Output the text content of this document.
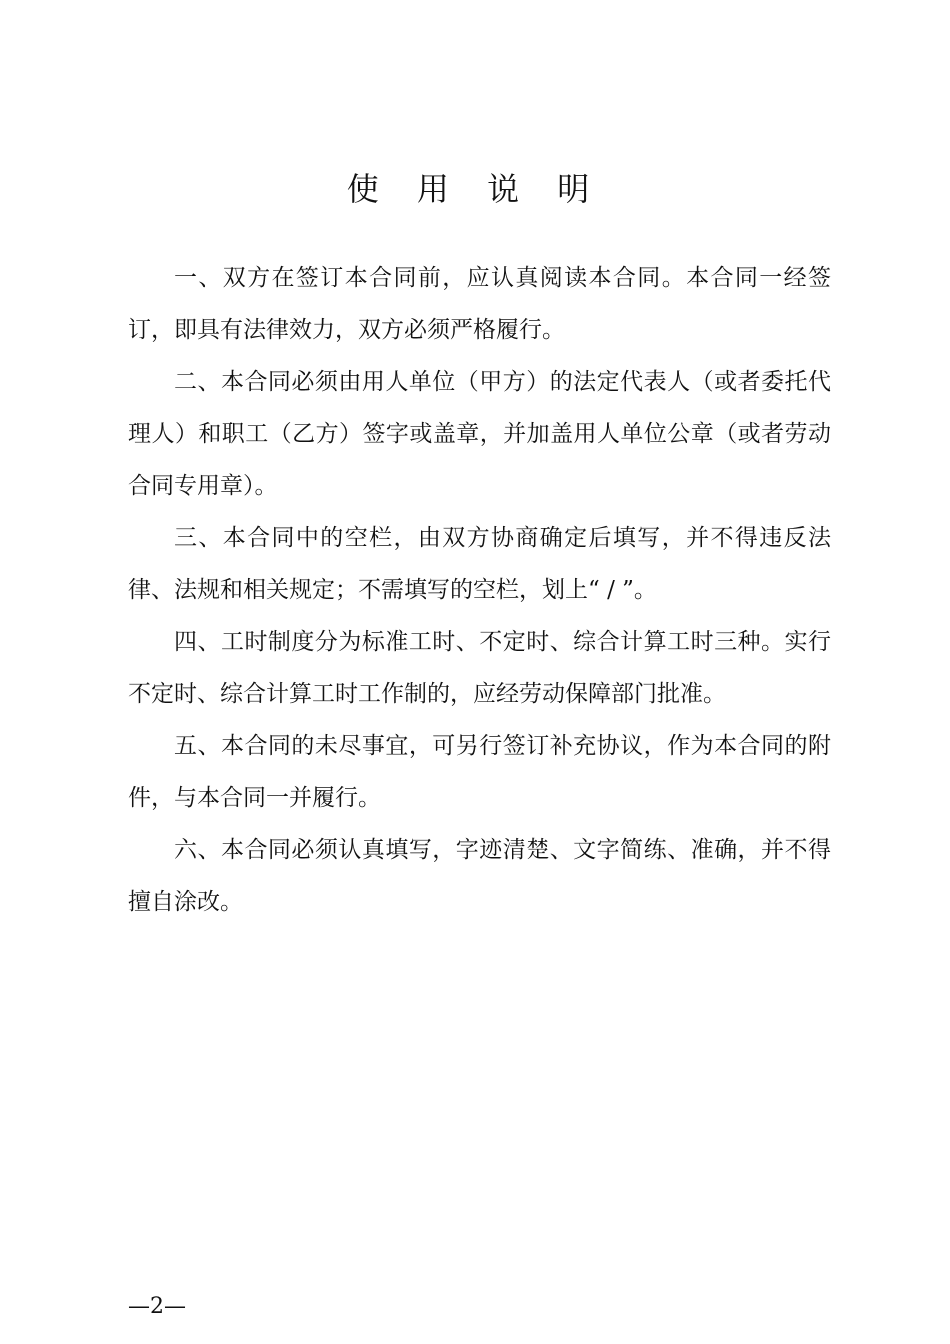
使 用 说 明

一、双方在签订本合同前，应认真阅读本合同。本合同一经签订，即具有法律效力，双方必须严格履行。

二、本合同必须由用人单位（甲方）的法定代表人（或者委托代理人）和职工（乙方）签字或盖章，并加盖用人单位公章（或者劳动合同专用章）。

三、本合同中的空栏，由双方协商确定后填写，并不得违反法律、法规和相关规定；不需填写的空栏，划上“ / ”。

四、工时制度分为标准工时、不定时、综合计算工时三种。实行不定时、综合计算工时工作制的，应经劳动保障部门批准。

五、本合同的未尽事宜，可另行签订补充协议，作为本合同的附件，与本合同一并履行。

六、本合同必须认真填写，字迹清楚、文字简练、准确，并不得擅自涂改。

—2—
